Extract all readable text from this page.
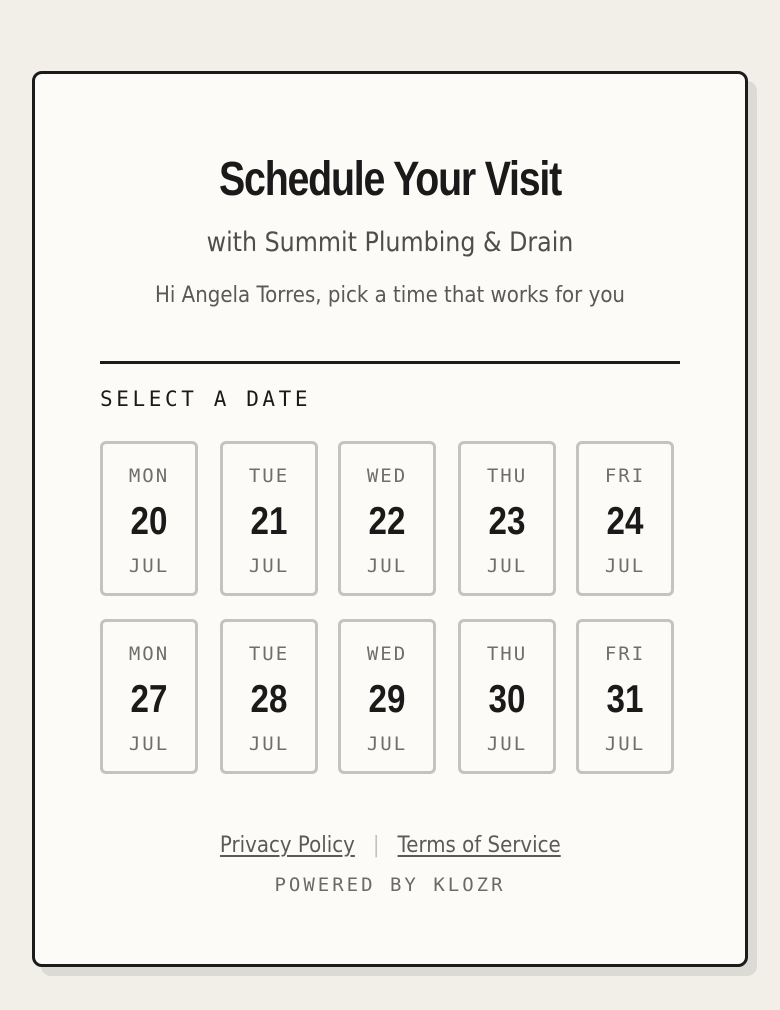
Schedule Your Visit
with Summit Plumbing & Drain
Hi Angela Torres, pick a time that works for you
SELECT A DATE
MON
20
JUL
TUE
21
JUL
WED
22
JUL
THU
23
JUL
FRI
24
JUL
MON
27
JUL
TUE
28
JUL
WED
29
JUL
THU
30
JUL
FRI
31
JUL
Privacy Policy | Terms of Service
POWERED BY KLOZR
